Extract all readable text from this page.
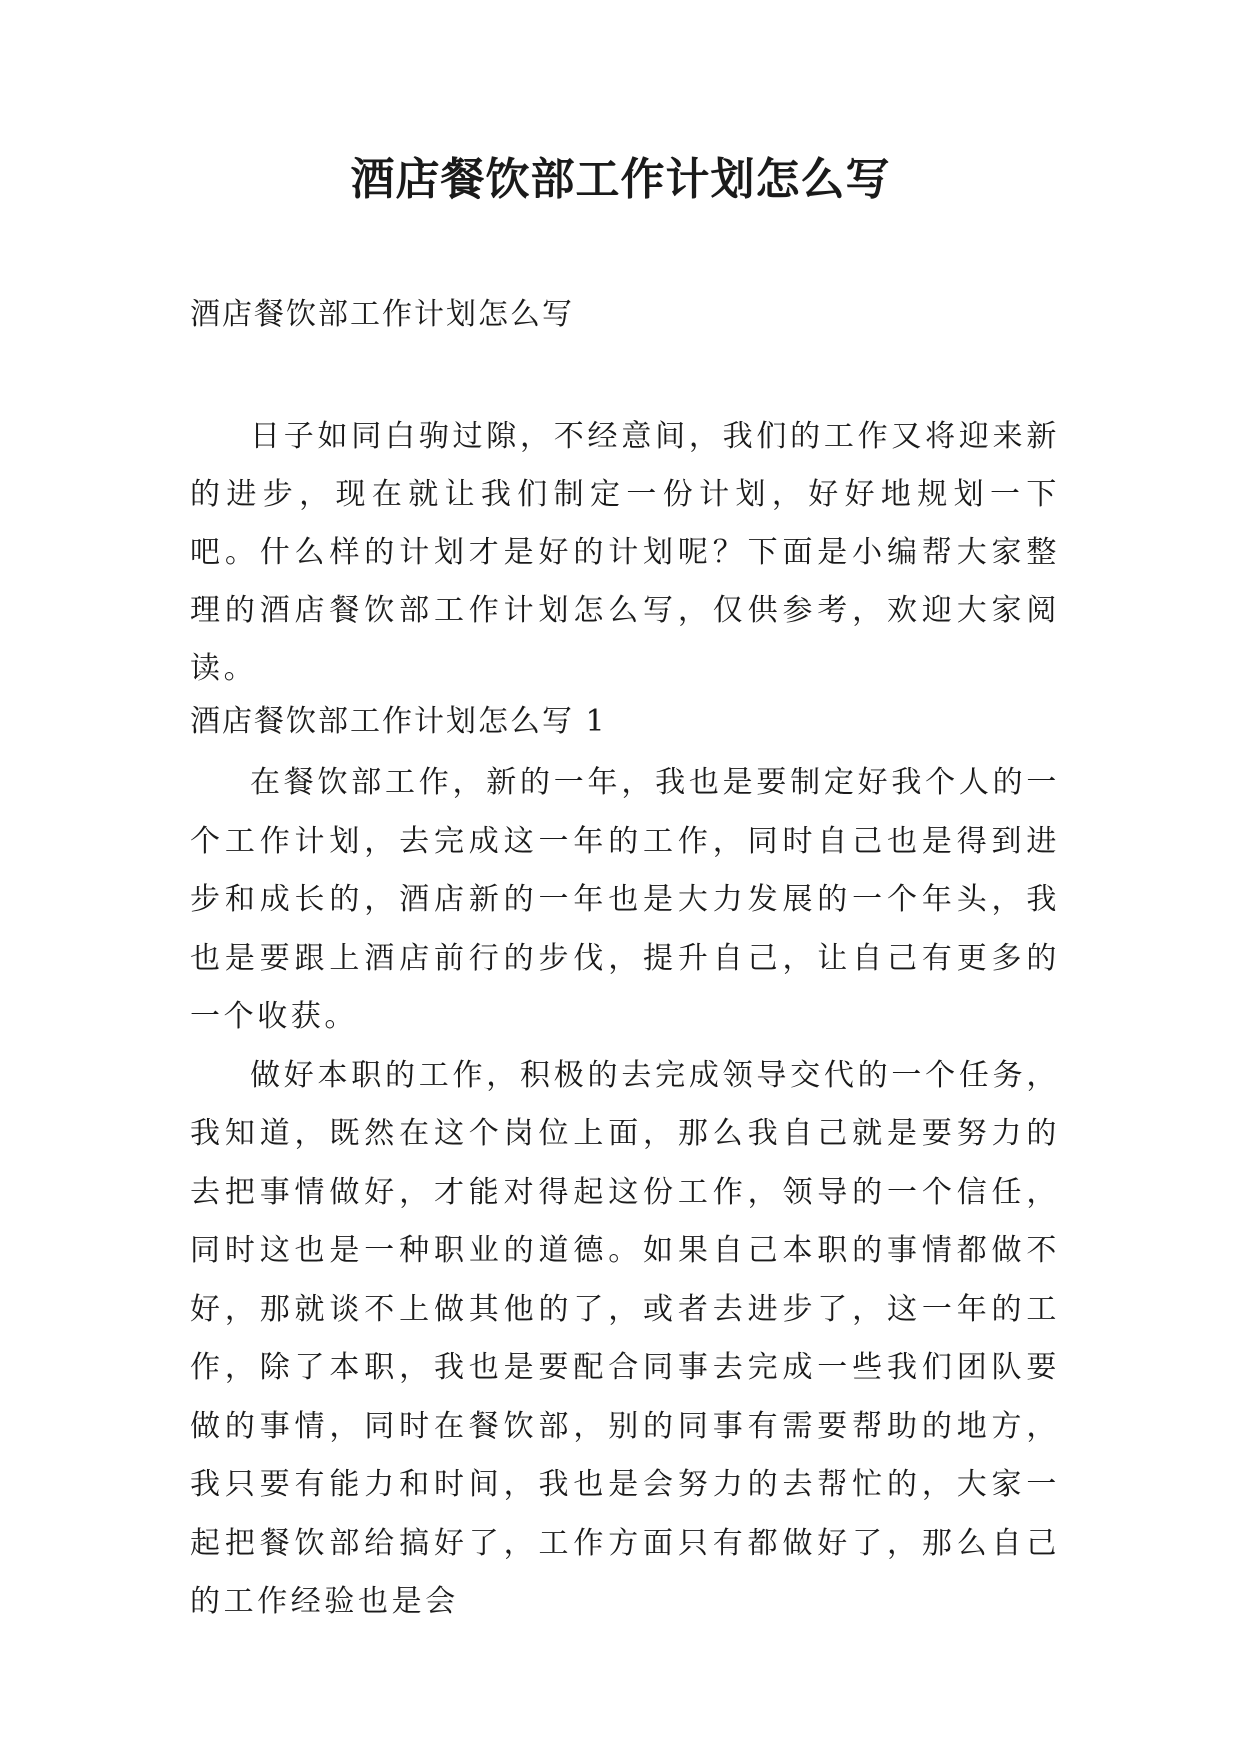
酒店餐饮部工作计划怎么写

酒店餐饮部工作计划怎么写

日子如同白驹过隙，不经意间，我们的工作又将迎来新的进步，现在就让我们制定一份计划，好好地规划一下吧。什么样的计划才是好的计划呢？下面是小编帮大家整理的酒店餐饮部工作计划怎么写，仅供参考，欢迎大家阅读。

酒店餐饮部工作计划怎么写 1

在餐饮部工作，新的一年，我也是要制定好我个人的一个工作计划，去完成这一年的工作，同时自己也是得到进步和成长的，酒店新的一年也是大力发展的一个年头，我也是要跟上酒店前行的步伐，提升自己，让自己有更多的一个收获。

做好本职的工作，积极的去完成领导交代的一个任务，我知道，既然在这个岗位上面，那么我自己就是要努力的去把事情做好，才能对得起这份工作，领导的一个信任，同时这也是一种职业的道德。如果自己本职的事情都做不好，那就谈不上做其他的了，或者去进步了，这一年的工作，除了本职，我也是要配合同事去完成一些我们团队要做的事情，同时在餐饮部，别的同事有需要帮助的地方，我只要有能力和时间，我也是会努力的去帮忙的，大家一起把餐饮部给搞好了，工作方面只有都做好了，那么自己的工作经验也是会
